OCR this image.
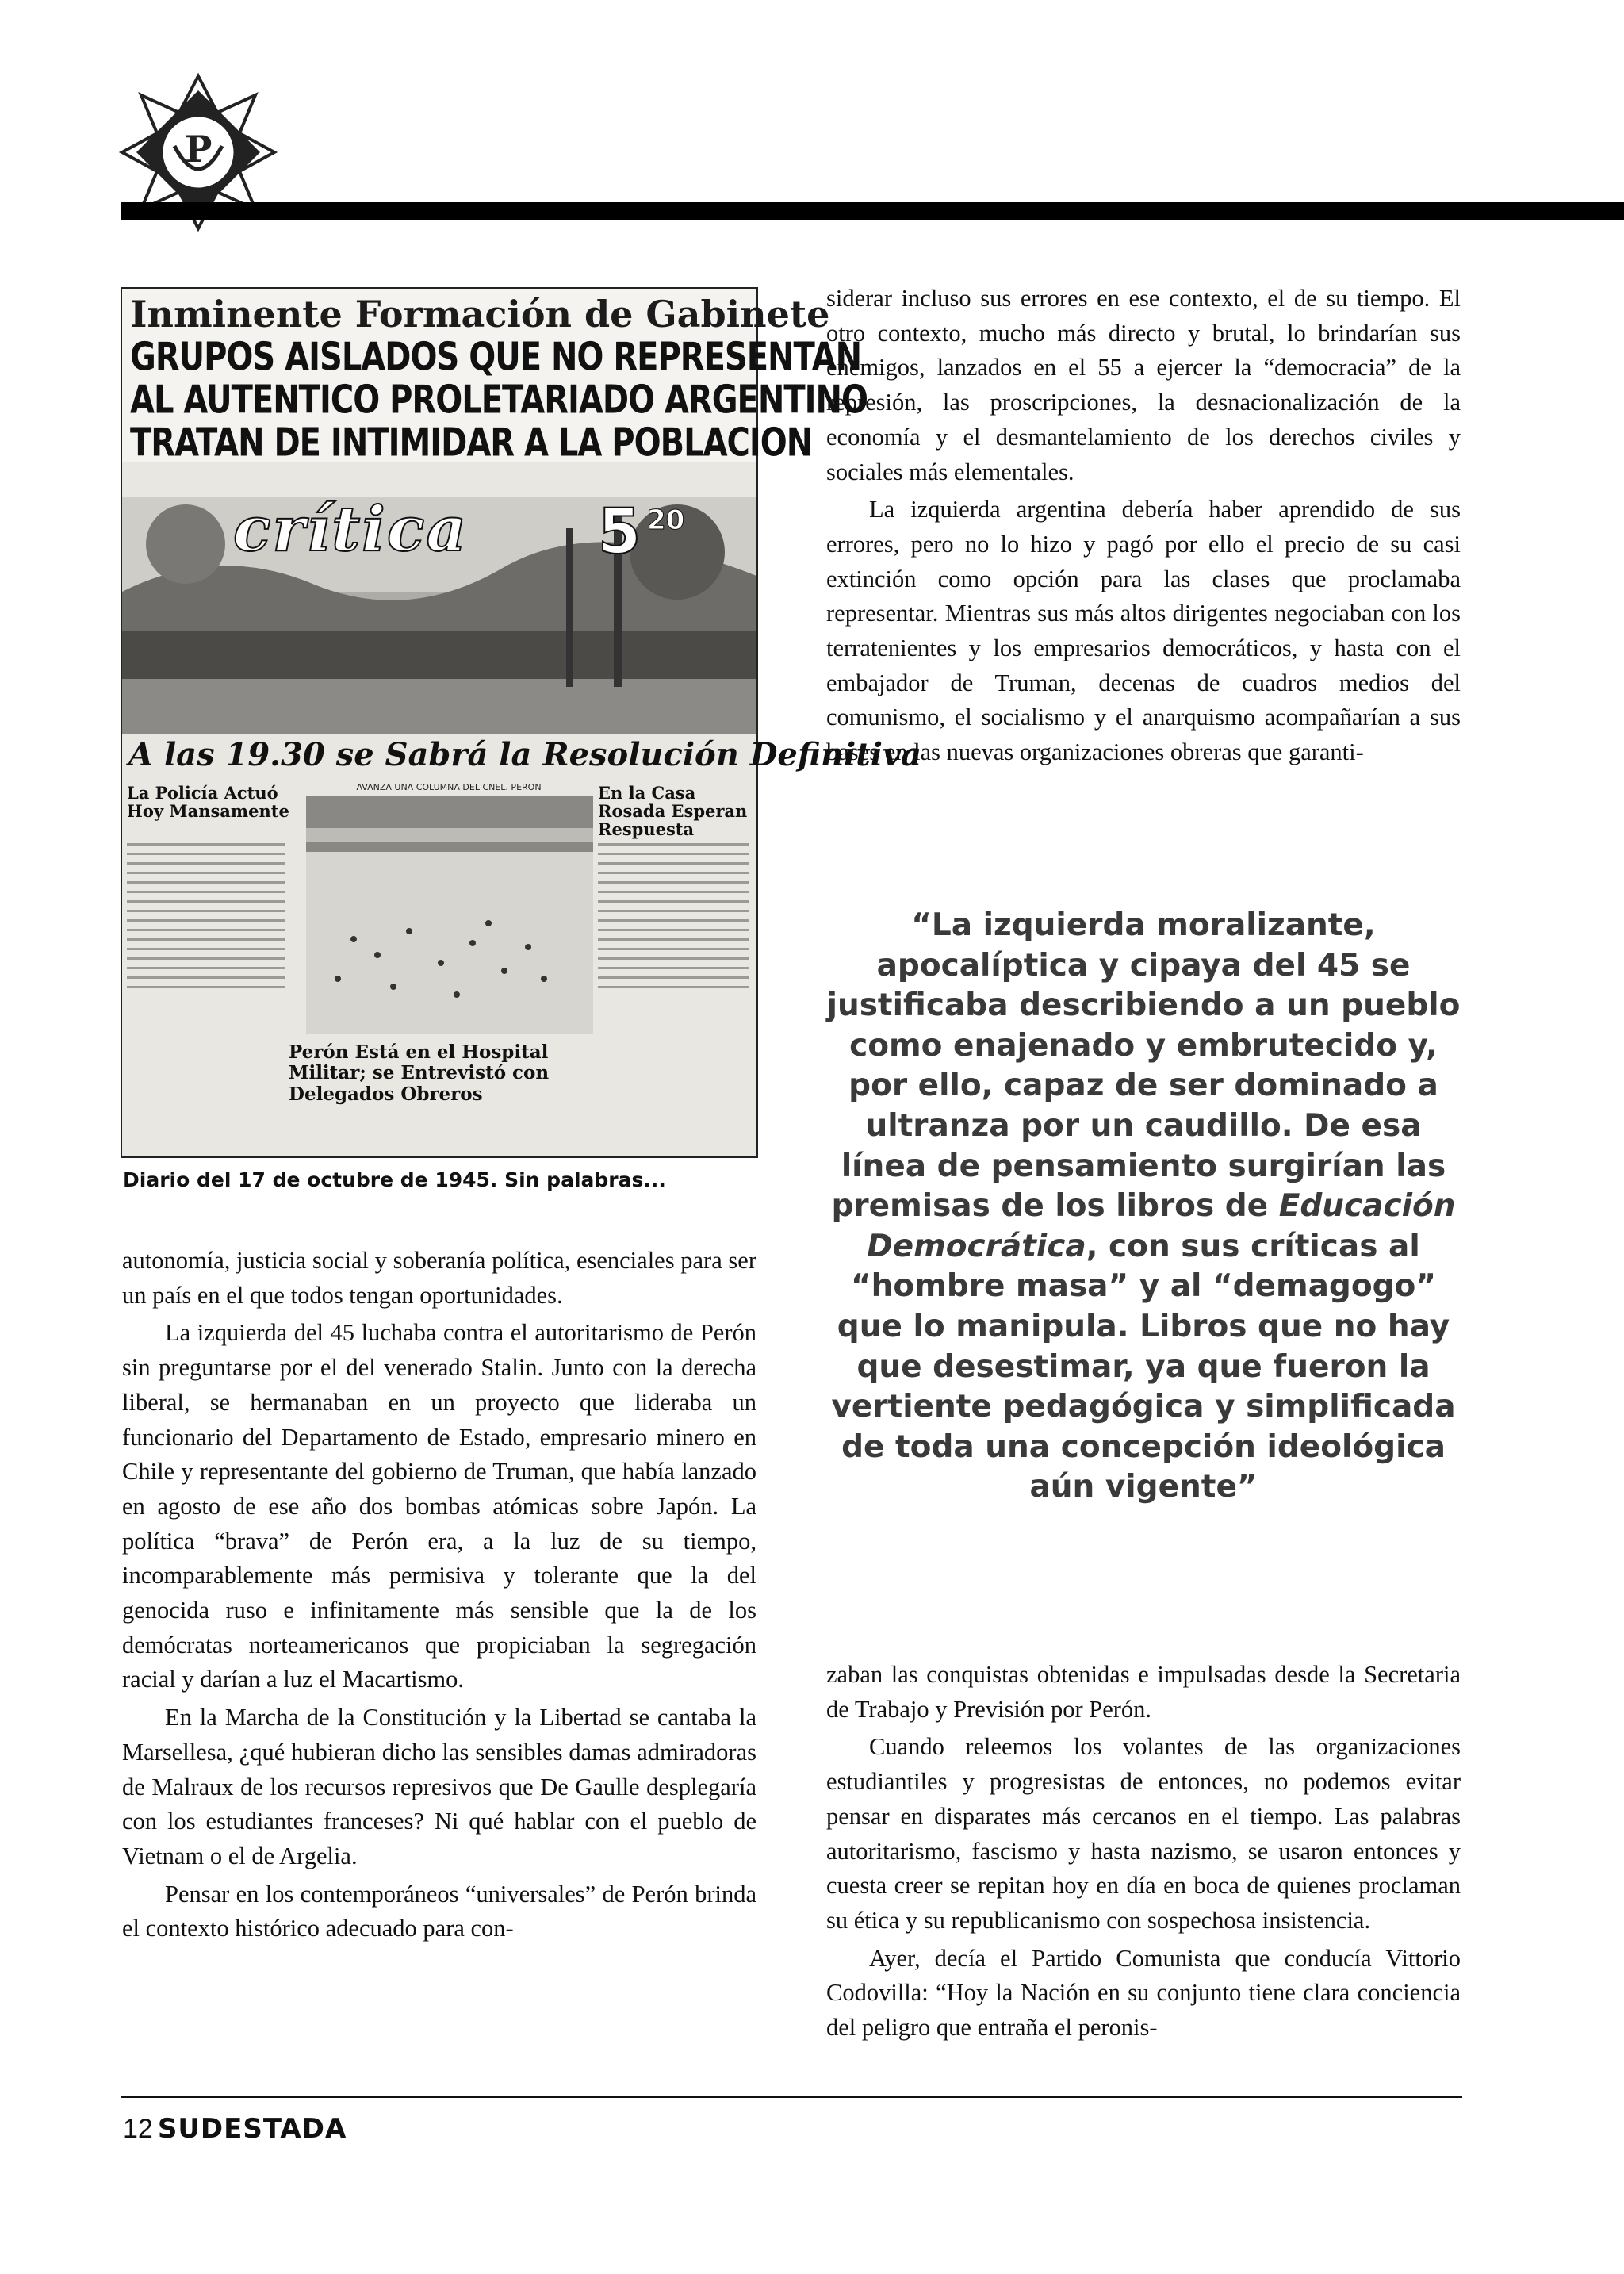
P
Inminente Formación de Gabinete
GRUPOS AISLADOS QUE NO REPRESENTAN
AL AUTENTICO PROLETARIADO ARGENTINO
TRATAN DE INTIMIDAR A LA POBLACION
crítica 5 20
A las 19.30 se Sabrá la Resolución Definitiva
La Policía Actuó Hoy Mansamente
AVANZA UNA COLUMNA DEL CNEL. PERON	En la Casa Rosada Esperan Respuesta
Perón Está en el Hospital Militar; se Entrevistó con Delegados Obreros
Diario del 17 de octubre de 1945. Sin palabras...

siderar incluso sus errores en ese contexto, el de su tiempo. El otro contexto, mucho más directo y brutal, lo brindarían sus enemigos, lanzados en el 55 a ejercer la “democracia” de la represión, las proscripciones, la desnacionalización de la economía y el desmantelamiento de los derechos civiles y sociales más elementales.

La izquierda argentina debería haber aprendido de sus errores, pero no lo hizo y pagó por ello el precio de su casi extinción como opción para las clases que proclamaba representar. Mientras sus más altos dirigentes negociaban con los terratenientes y los empresarios democráticos, y hasta con el embajador de Truman, decenas de cuadros medios del comunismo, el socialismo y el anarquismo acompañarían a sus bases en las nuevas organizaciones obreras que garanti-

“La izquierda moralizante, apocalíptica y cipaya del 45 se justificaba describiendo a un pueblo como enajenado y embrutecido y, por ello, capaz de ser dominado a ultranza por un caudillo. De esa línea de pensamiento surgirían las premisas de los libros de Educación Democrática, con sus críticas al “hombre masa” y al “demagogo” que lo manipula. Libros que no hay que desestimar, ya que fueron la vertiente pedagógica y simplificada de toda una concepción ideológica aún vigente”

autonomía, justicia social y soberanía política, esenciales para ser un país en el que todos tengan oportunidades.

La izquierda del 45 luchaba contra el autoritarismo de Perón sin preguntarse por el del venerado Stalin. Junto con la derecha liberal, se hermanaban en un proyecto que lideraba un funcionario del Departamento de Estado, empresario minero en Chile y representante del gobierno de Truman, que había lanzado en agosto de ese año dos bombas atómicas sobre Japón. La política “brava” de Perón era, a la luz de su tiempo, incomparablemente más permisiva y tolerante que la del genocida ruso e infinitamente más sensible que la de los demócratas norteamericanos que propiciaban la segregación racial y darían a luz el Macartismo.

En la Marcha de la Constitución y la Libertad se cantaba la Marsellesa, ¿qué hubieran dicho las sensibles damas admiradoras de Malraux de los recursos represivos que De Gaulle desplegaría con los estudiantes franceses? Ni qué hablar con el pueblo de Vietnam o el de Argelia.

Pensar en los contemporáneos “universales” de Perón brinda el contexto histórico adecuado para con-

zaban las conquistas obtenidas e impulsadas desde la Secretaria de Trabajo y Previsión por Perón.

Cuando releemos los volantes de las organizaciones estudiantiles y progresistas de entonces, no podemos evitar pensar en disparates más cercanos en el tiempo. Las palabras autoritarismo, fascismo y hasta nazismo, se usaron entonces y cuesta creer se repitan hoy en día en boca de quienes proclaman su ética y su republicanismo con sospechosa insistencia.

Ayer, decía el Partido Comunista que conducía Vittorio Codovilla: “Hoy la Nación en su conjunto tiene clara conciencia del peligro que entraña el peronis-

12 SUDESTADA
